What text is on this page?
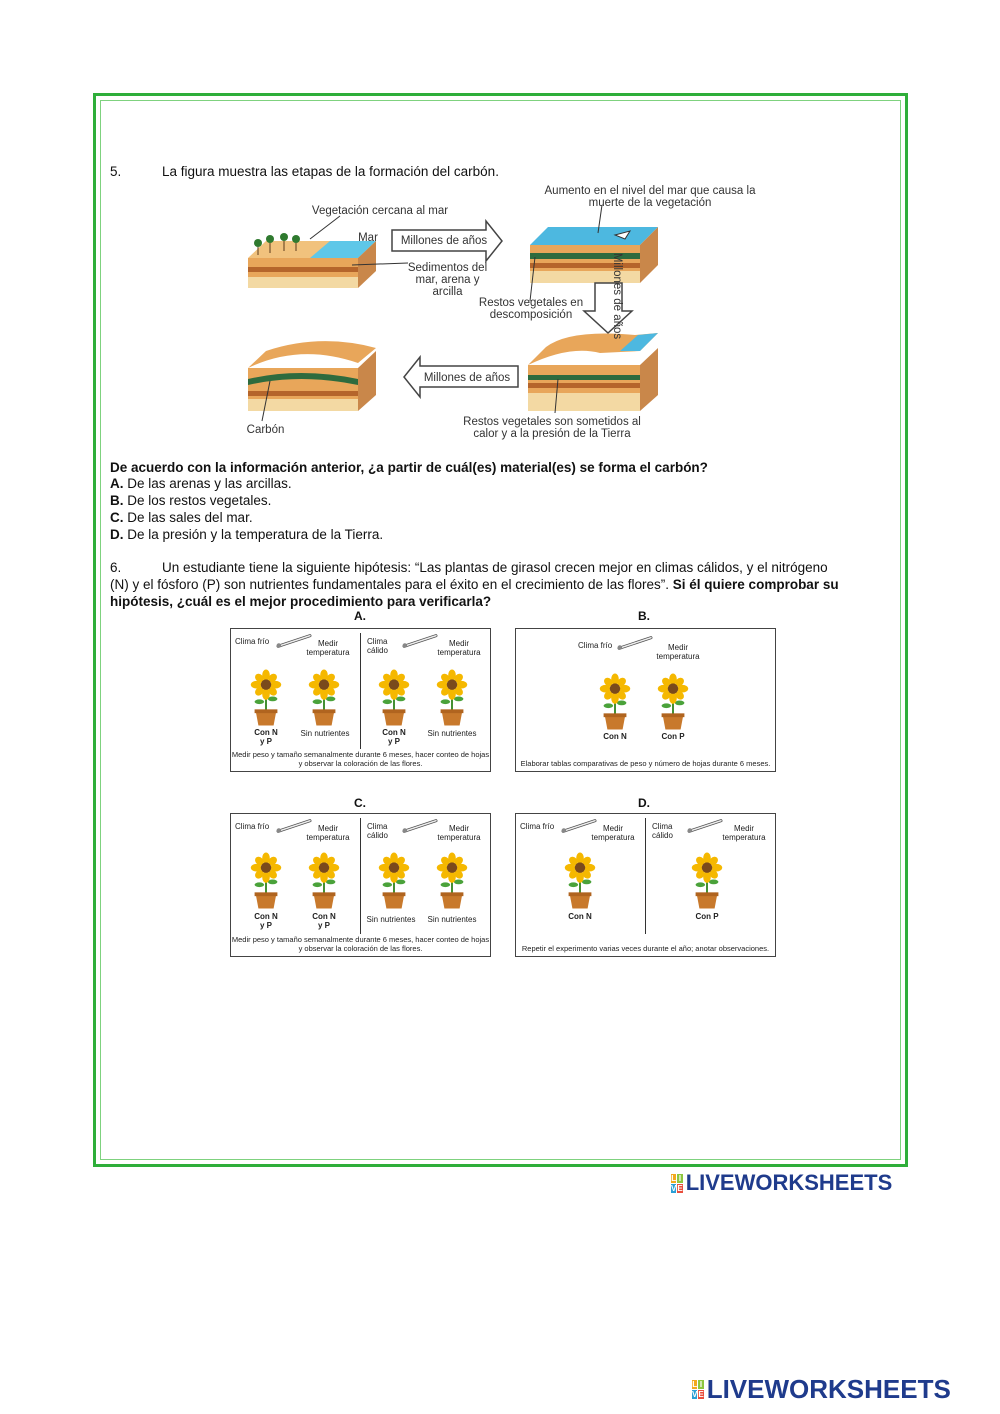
5.	La figura muestra las etapas de la formación del carbón.
Vegetación cercana al mar
Mar	Millones de años
Sedimentos del mar, arena y arcilla
Aumento en el nivel del mar que causa la muerte de la vegetación
Restos vegetales en descomposición	Millones de años
Millones de años
Carbón
Restos vegetales son sometidos al calor y a la presión de la Tierra
De acuerdo con la información anterior, ¿a partir de cuál(es) material(es) se forma el carbón?
A. De las arenas y las arcillas.
B. De los restos vegetales.
C. De las sales del mar.
D. De la presión y la temperatura de la Tierra.
6.	Un estudiante tiene la siguiente hipótesis: “Las plantas de girasol crecen mejor en climas cálidos, y el nitrógeno
(N) y el fósforo (P) son nutrientes fundamentales para el éxito en el crecimiento de las flores”. Si él quiere comprobar su
hipótesis, ¿cuál es el mejor procedimiento para verificarla?
A.
Clima frío	Medir temperatura
Clima cálido
Medir temperatura
Con N y P
Sin nutrientes	Con N y P
Sin nutrientes
Medir peso y tamaño semanalmente durante 6 meses, hacer conteo de hojas y observar la coloración de las flores.
B.
Clima frío	Medir temperatura
Con N	Con P
Elaborar tablas comparativas de peso y número de hojas durante 6 meses.
C.
Clima frío	Medir temperatura
Clima cálido
Medir temperatura
Con N y P
Con N y P
Sin nutrientes	Sin nutrientes
Medir peso y tamaño semanalmente durante 6 meses, hacer conteo de hojas y observar la coloración de las flores.
D.
Clima frío	Medir temperatura
Clima cálido
Medir temperatura
Con N	Con P
Repetir el experimento varias veces durante el año; anotar observaciones.
L I
V E LIVEWORKSHEETS
L I
V E LIVEWORKSHEETS
